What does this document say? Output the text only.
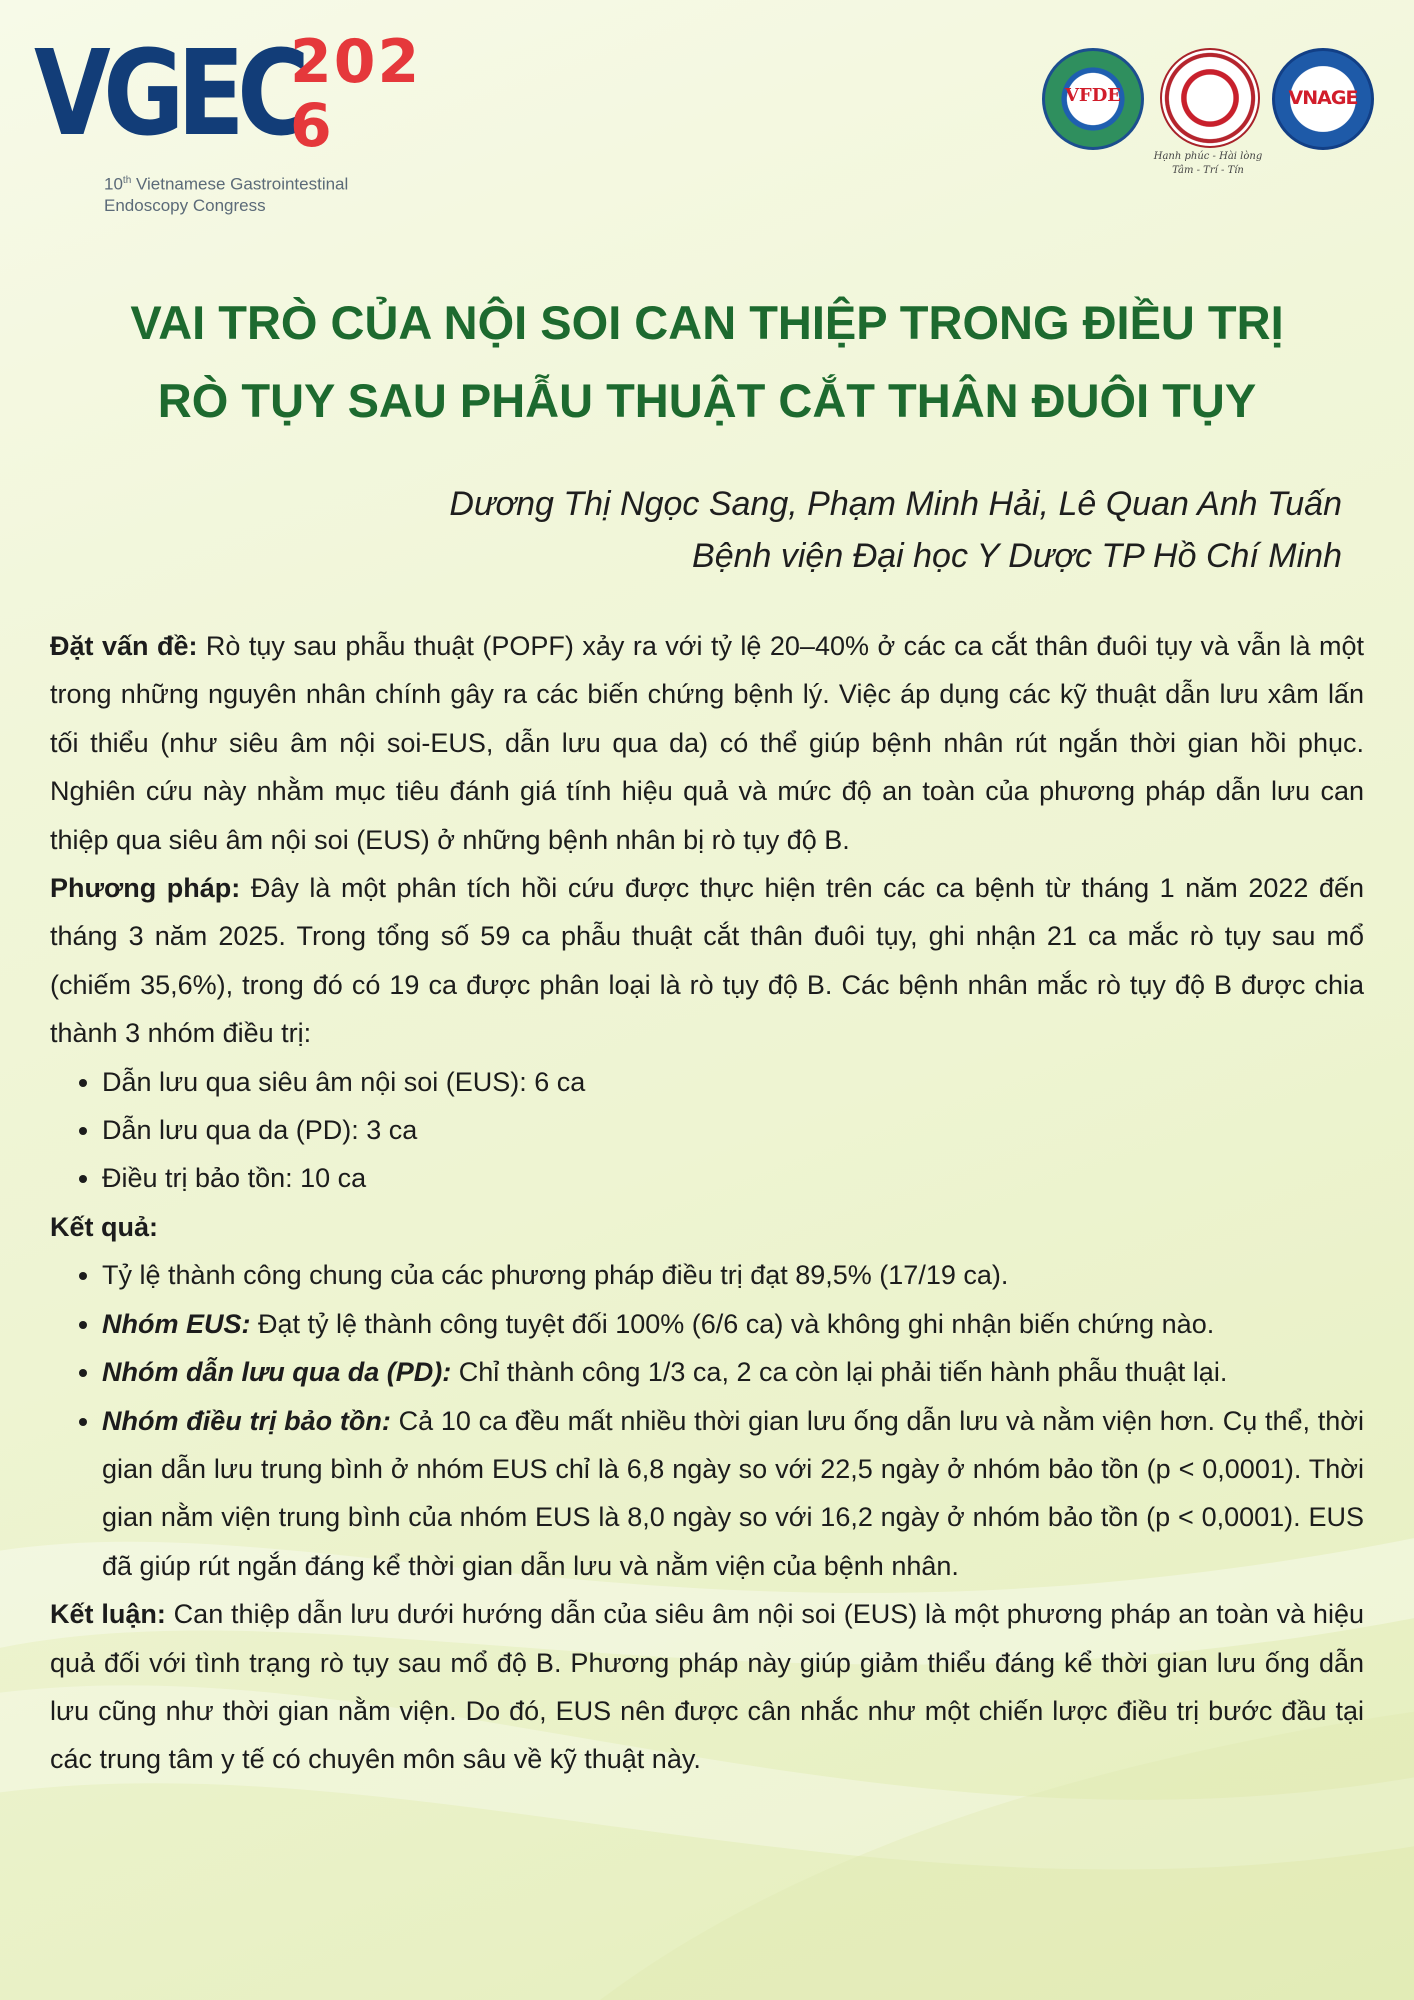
VGEC
2026
10th Vietnamese Gastrointestinal
Endoscopy Congress
VFDE	108
Hạnh phúc - Hài lòng Tâm - Trí - Tín
VNAGE
VAI TRÒ CỦA NỘI SOI CAN THIỆP TRONG ĐIỀU TRỊ
RÒ TỤY SAU PHẪU THUẬT CẮT THÂN ĐUÔI TỤY
Dương Thị Ngọc Sang, Phạm Minh Hải, Lê Quan Anh Tuấn
Bệnh viện Đại học Y Dược TP Hồ Chí Minh

Đặt vấn đề: Rò tụy sau phẫu thuật (POPF) xảy ra với tỷ lệ 20–40% ở các ca cắt thân đuôi tụy và vẫn là một trong những nguyên nhân chính gây ra các biến chứng bệnh lý. Việc áp dụng các kỹ thuật dẫn lưu xâm lấn tối thiểu (như siêu âm nội soi-EUS, dẫn lưu qua da) có thể giúp bệnh nhân rút ngắn thời gian hồi phục. Nghiên cứu này nhằm mục tiêu đánh giá tính hiệu quả và mức độ an toàn của phương pháp dẫn lưu can thiệp qua siêu âm nội soi (EUS) ở những bệnh nhân bị rò tụy độ B.

Phương pháp: Đây là một phân tích hồi cứu được thực hiện trên các ca bệnh từ tháng 1 năm 2022 đến tháng 3 năm 2025. Trong tổng số 59 ca phẫu thuật cắt thân đuôi tụy, ghi nhận 21 ca mắc rò tụy sau mổ (chiếm 35,6%), trong đó có 19 ca được phân loại là rò tụy độ B. Các bệnh nhân mắc rò tụy độ B được chia thành 3 nhóm điều trị:

• Dẫn lưu qua siêu âm nội soi (EUS): 6 ca
• Dẫn lưu qua da (PD): 3 ca
• Điều trị bảo tồn: 10 ca

Kết quả:

• Tỷ lệ thành công chung của các phương pháp điều trị đạt 89,5% (17/19 ca).
• Nhóm EUS: Đạt tỷ lệ thành công tuyệt đối 100% (6/6 ca) và không ghi nhận biến chứng nào.
• Nhóm dẫn lưu qua da (PD): Chỉ thành công 1/3 ca, 2 ca còn lại phải tiến hành phẫu thuật lại.
• Nhóm điều trị bảo tồn: Cả 10 ca đều mất nhiều thời gian lưu ống dẫn lưu và nằm viện hơn. Cụ thể, thời gian dẫn lưu trung bình ở nhóm EUS chỉ là 6,8 ngày so với 22,5 ngày ở nhóm bảo tồn (p < 0,0001). Thời gian nằm viện trung bình của nhóm EUS là 8,0 ngày so với 16,2 ngày ở nhóm bảo tồn (p < 0,0001). EUS đã giúp rút ngắn đáng kể thời gian dẫn lưu và nằm viện của bệnh nhân.

Kết luận: Can thiệp dẫn lưu dưới hướng dẫn của siêu âm nội soi (EUS) là một phương pháp an toàn và hiệu quả đối với tình trạng rò tụy sau mổ độ B. Phương pháp này giúp giảm thiểu đáng kể thời gian lưu ống dẫn lưu cũng như thời gian nằm viện. Do đó, EUS nên được cân nhắc như một chiến lược điều trị bước đầu tại các trung tâm y tế có chuyên môn sâu về kỹ thuật này.
